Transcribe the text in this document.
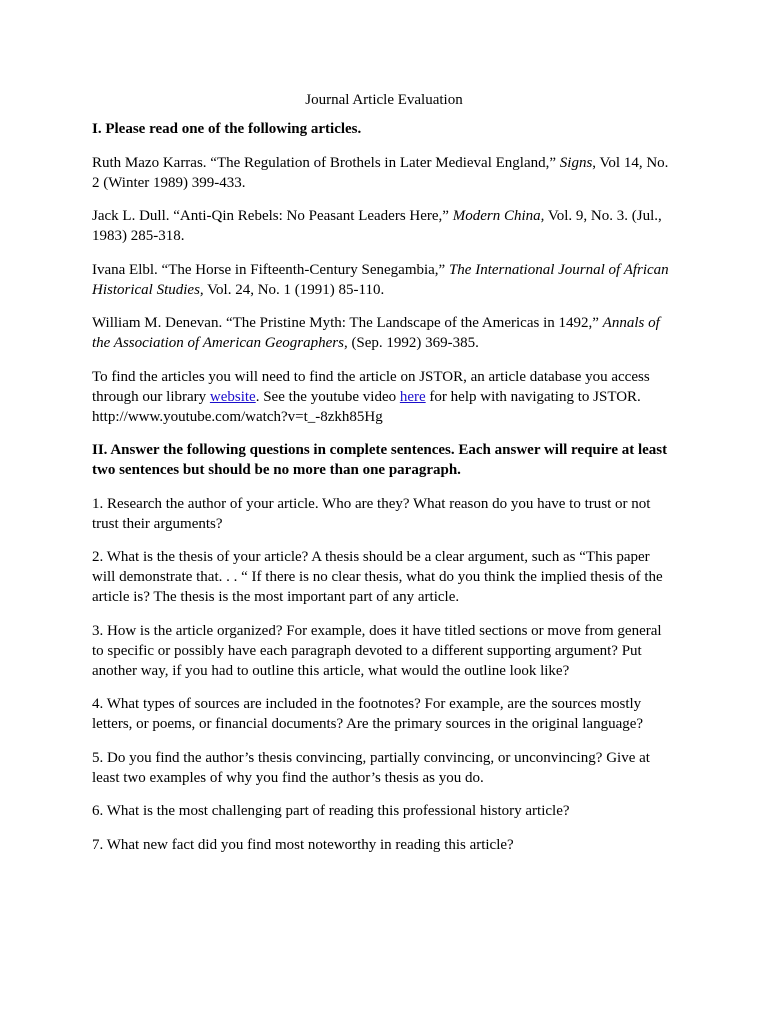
Journal Article Evaluation
I. Please read one of the following articles.
Ruth Mazo Karras. “The Regulation of Brothels in Later Medieval England,” Signs, Vol 14, No. 2 (Winter 1989) 399-433.
Jack L. Dull. “Anti-Qin Rebels: No Peasant Leaders Here,” Modern China, Vol. 9, No. 3. (Jul., 1983) 285-318.
Ivana Elbl. “The Horse in Fifteenth-Century Senegambia,” The International Journal of African Historical Studies, Vol. 24, No. 1 (1991) 85-110.
William M. Denevan. “The Pristine Myth: The Landscape of the Americas in 1492,” Annals of the Association of American Geographers, (Sep. 1992) 369-385.
To find the articles you will need to find the article on JSTOR, an article database you access through our library website. See the youtube video here for help with navigating to JSTOR.
http://www.youtube.com/watch?v=t_-8zkh85Hg
II. Answer the following questions in complete sentences. Each answer will require at least two sentences but should be no more than one paragraph.
1. Research the author of your article. Who are they? What reason do you have to trust or not trust their arguments?
2. What is the thesis of your article? A thesis should be a clear argument, such as “This paper will demonstrate that. . . “ If there is no clear thesis, what do you think the implied thesis of the article is? The thesis is the most important part of any article.
3. How is the article organized? For example, does it have titled sections or move from general to specific or possibly have each paragraph devoted to a different supporting argument? Put another way, if you had to outline this article, what would the outline look like?
4. What types of sources are included in the footnotes? For example, are the sources mostly letters, or poems, or financial documents? Are the primary sources in the original language?
5. Do you find the author’s thesis convincing, partially convincing, or unconvincing? Give at least two examples of why you find the author’s thesis as you do.
6. What is the most challenging part of reading this professional history article?
7. What new fact did you find most noteworthy in reading this article?
